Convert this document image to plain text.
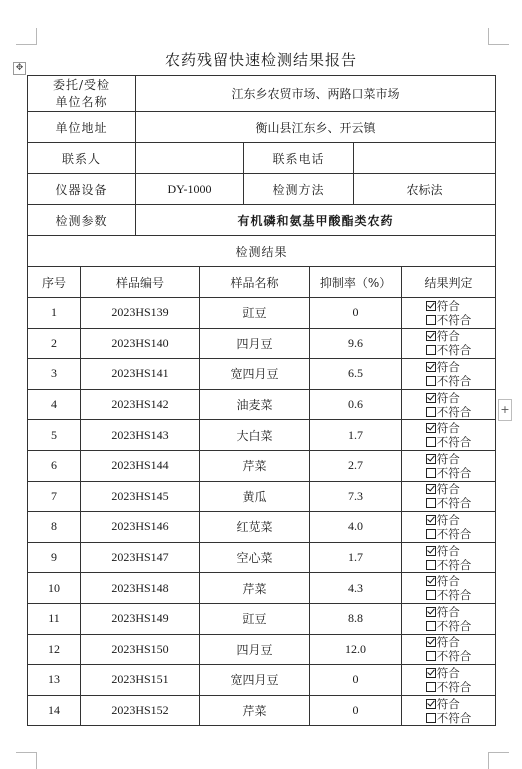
✥
+
农药残留快速检测结果报告
委托/受检
单位名称		江东乡农贸市场、两路口菜市场					
单位地址		衡山县江东乡、开云镇					
联系人				联系电话			
仪器设备		DY-1000		检测方法		农标法	
检测参数		有机磷和氨基甲酸酯类农药					
检测结果							
序号	样品编号		样品名称		抑制率（%）		结果判定
1	2023HS139		豇豆		0		符合
不符合

2	2023HS140		四月豆		9.6		符合
不符合

3	2023HS141		宽四月豆		6.5		符合
不符合

4	2023HS142		油麦菜		0.6		符合
不符合

5	2023HS143		大白菜		1.7		符合
不符合

6	2023HS144		芹菜		2.7		符合
不符合

7	2023HS145		黄瓜		7.3		符合
不符合

8	2023HS146		红苋菜		4.0		符合
不符合

9	2023HS147		空心菜		1.7		符合
不符合

10	2023HS148		芹菜		4.3		符合
不符合

11	2023HS149		豇豆		8.8		符合
不符合

12	2023HS150		四月豆		12.0		符合
不符合

13	2023HS151		宽四月豆		0		符合
不符合

14	2023HS152		芹菜		0		符合
不符合
